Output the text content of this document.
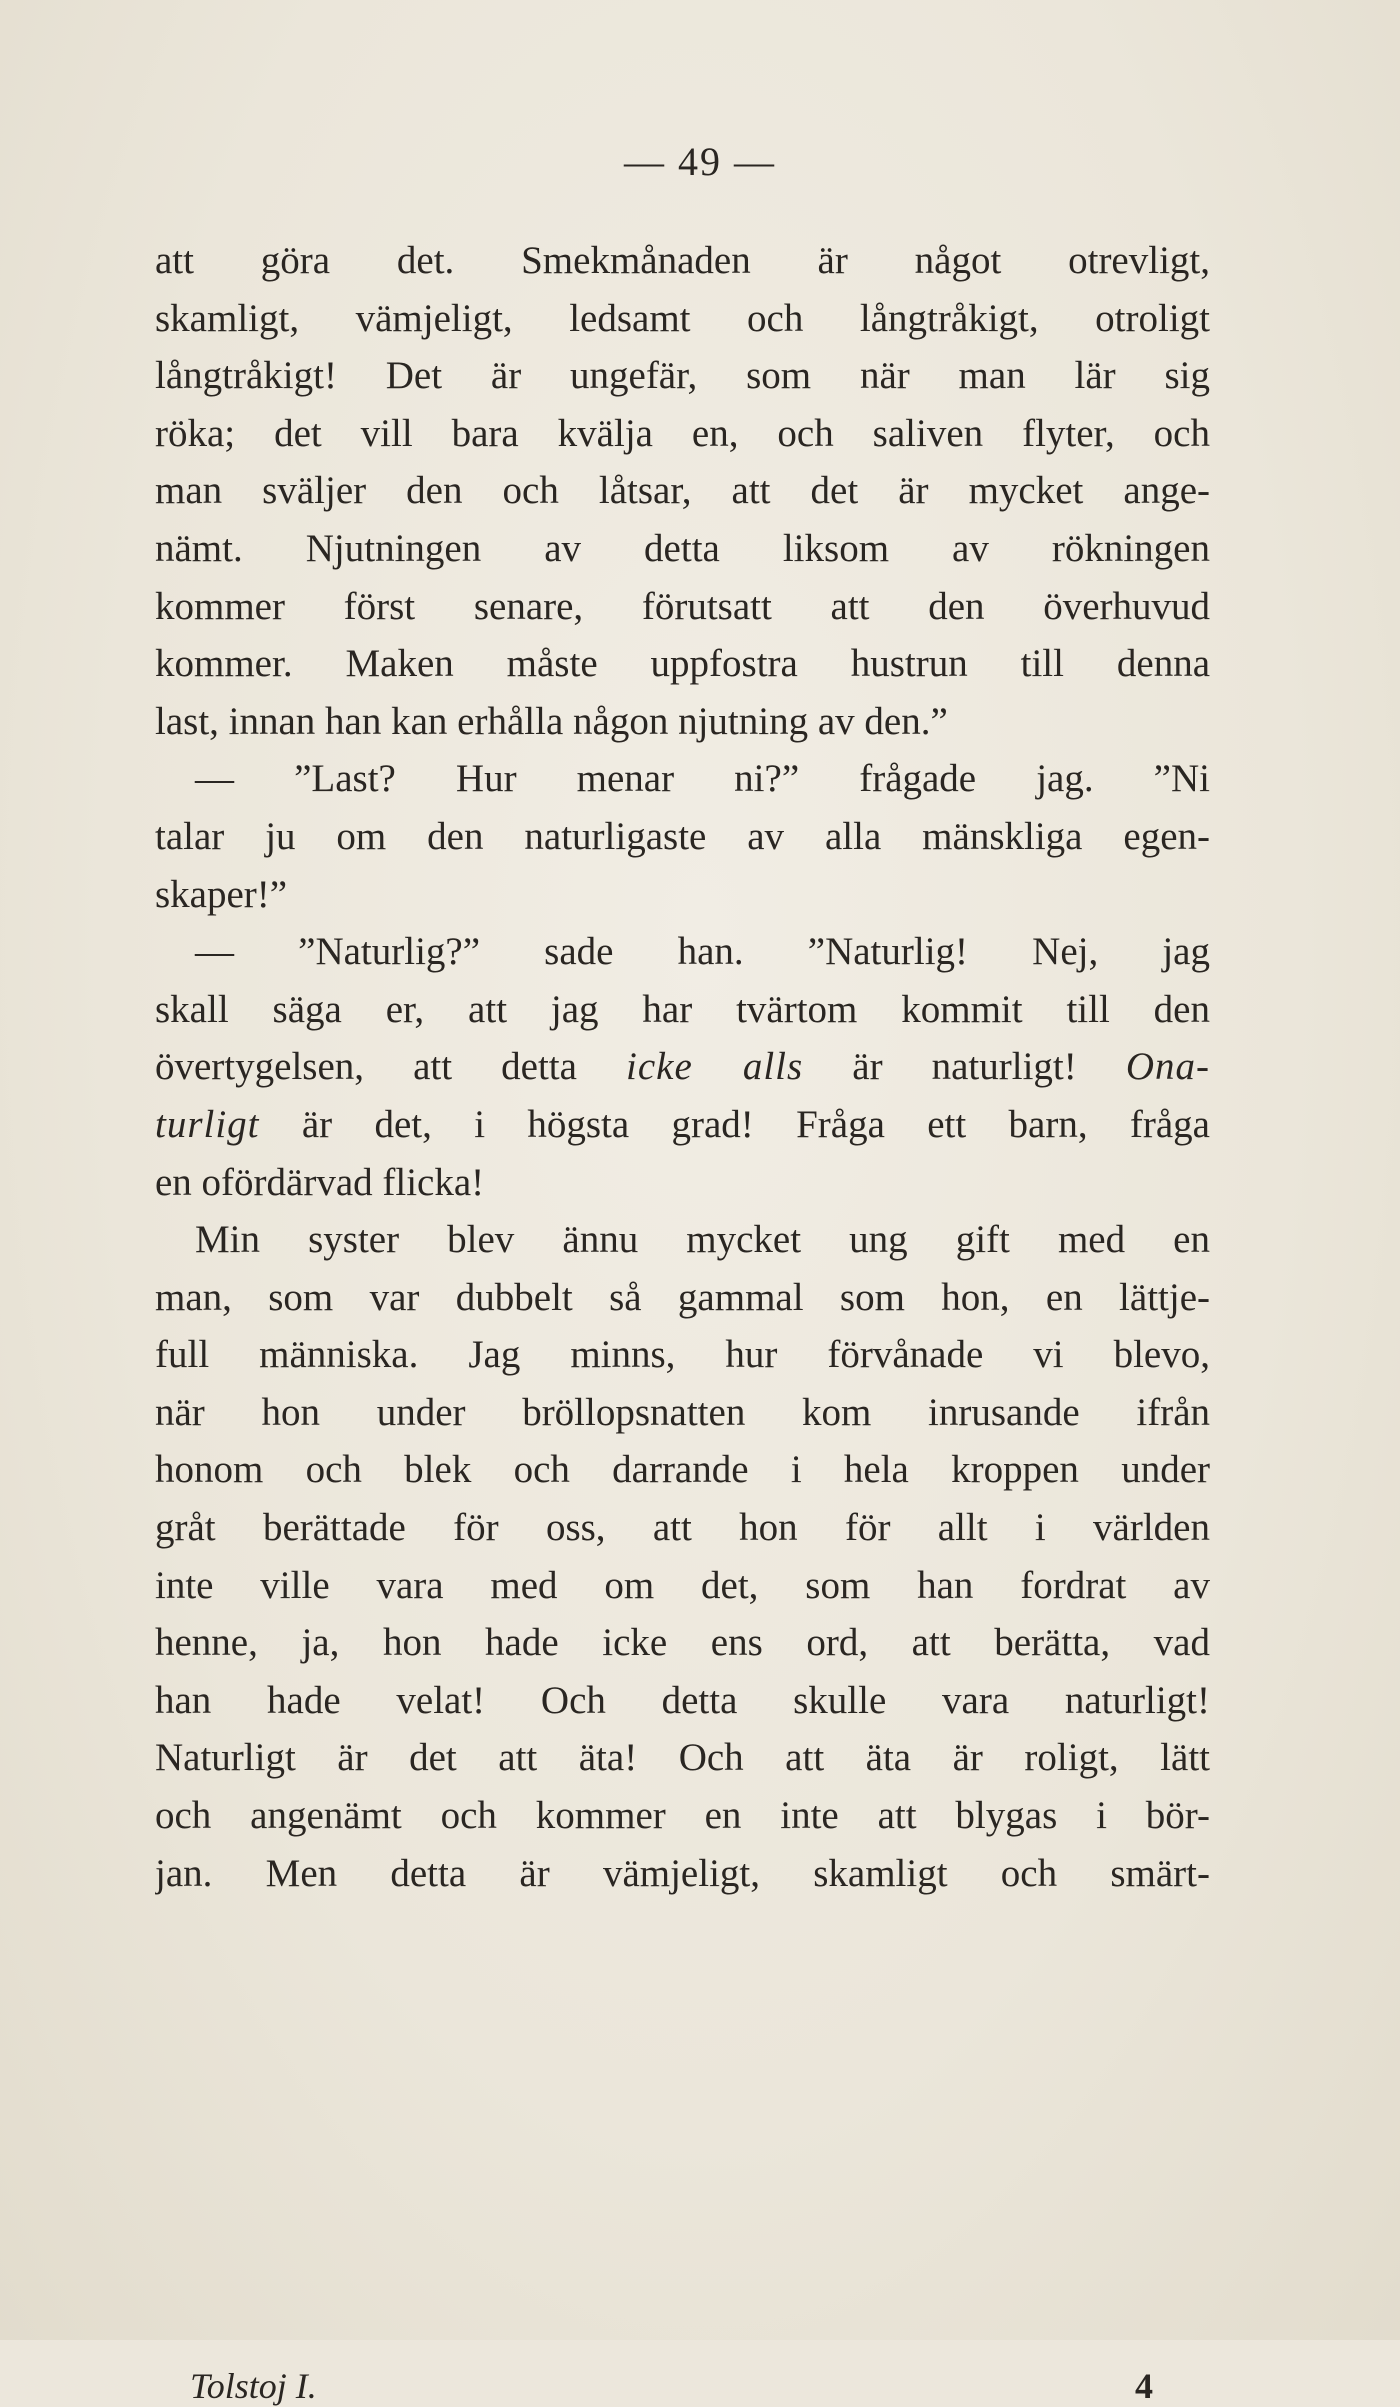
— 49 —
att göra det. Smekmånaden är något otrevligt,
skamligt, vämjeligt, ledsamt och långtråkigt, otroligt
långtråkigt! Det är ungefär, som när man lär sig
röka; det vill bara kvälja en, och saliven flyter, och
man sväljer den och låtsar, att det är mycket ange-
nämt. Njutningen av detta liksom av rökningen
kommer först senare, förutsatt att den överhuvud
kommer. Maken måste uppfostra hustrun till denna
last, innan han kan erhålla någon njutning av den.”
— ”Last? Hur menar ni?” frågade jag. ”Ni
talar ju om den naturligaste av alla mänskliga egen-
skaper!”
— ”Naturlig?” sade han. ”Naturlig! Nej, jag
skall säga er, att jag har tvärtom kommit till den
övertygelsen, att detta icke alls är naturligt! Ona-
turligt är det, i högsta grad! Fråga ett barn, fråga
en ofördärvad flicka!
Min syster blev ännu mycket ung gift med en
man, som var dubbelt så gammal som hon, en lättje-
full människa. Jag minns, hur förvånade vi blevo,
när hon under bröllopsnatten kom inrusande ifrån
honom och blek och darrande i hela kroppen under
gråt berättade för oss, att hon för allt i världen
inte ville vara med om det, som han fordrat av
henne, ja, hon hade icke ens ord, att berätta, vad
han hade velat! Och detta skulle vara naturligt!
Naturligt är det att äta! Och att äta är roligt, lätt
och angenämt och kommer en inte att blygas i bör-
jan. Men detta är vämjeligt, skamligt och smärt-
Tolstoj I.	4
